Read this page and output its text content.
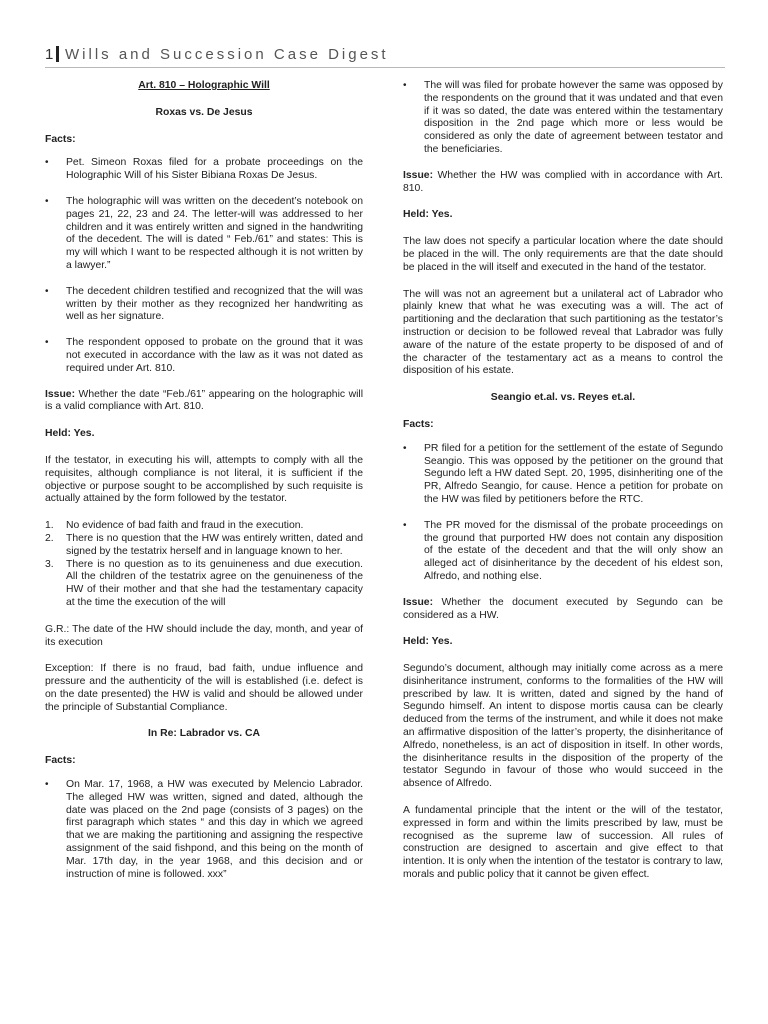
1 Wills and Succession Case Digest
Art. 810 – Holographic Will
Roxas vs. De Jesus
Facts:
• Pet. Simeon Roxas filed for a probate proceedings on the Holographic Will of his Sister Bibiana Roxas De Jesus.
• The holographic will was written on the decedent’s notebook on pages 21, 22, 23 and 24. The letter-will was addressed to her children and it was entirely written and signed in the handwriting of the decedent. The will is dated “ Feb./61” and states: This is my will which I want to be respected although it is not written by a lawyer.”
• The decedent children testified and recognized that the will was written by their mother as they recognized her handwriting as well as her signature.
• The respondent opposed to probate on the ground that it was not executed in accordance with the law as it was not dated as required under Art. 810.

Issue: Whether the date “Feb./61” appearing on the holographic will is a valid compliance with Art. 810.

Held: Yes.

If the testator, in executing his will, attempts to comply with all the requisites, although compliance is not literal, it is sufficient if the objective or purpose sought to be accomplished by such requisite is actually attained by the form followed by the testator.

1. No evidence of bad faith and fraud in the execution.
2. There is no question that the HW was entirely written, dated and signed by the testatrix herself and in language known to her.
3. There is no question as to its genuineness and due execution. All the children of the testatrix agree on the genuineness of the HW of their mother and that she had the testamentary capacity at the time the execution of the will

G.R.: The date of the HW should include the day, month, and year of its execution

Exception: If there is no fraud, bad faith, undue influence and pressure and the authenticity of the will is established (i.e. defect is on the date presented) the HW is valid and should be allowed under the principle of Substantial Compliance.

In Re: Labrador vs. CA
Facts:
• On Mar. 17, 1968, a HW was executed by Melencio Labrador. The alleged HW was written, signed and dated, although the date was placed on the 2nd page (consists of 3 pages) on the first paragraph which states “ and this day in which we agreed that we are making the partitioning and assigning the respective assignment of the said fishpond, and this being on the month of Mar. 17th day, in the year 1968, and this decision and or instruction of mine is followed. xxx”
• The will was filed for probate however the same was opposed by the respondents on the ground that it was undated and that even if it was so dated, the date was entered within the testamentary disposition in the 2nd page which more or less would be considered as only the date of agreement between testator and the beneficiaries.

Issue: Whether the HW was complied with in accordance with Art. 810.

Held: Yes.

The law does not specify a particular location where the date should be placed in the will. The only requirements are that the date should be placed in the will itself and executed in the hand of the testator.

The will was not an agreement but a unilateral act of Labrador who plainly knew that what he was executing was a will. The act of partitioning and the declaration that such partitioning as the testator’s instruction or decision to be followed reveal that Labrador was fully aware of the nature of the estate property to be disposed of and of the character of the testamentary act as a means to control the disposition of his estate.

Seangio et.al. vs. Reyes et.al.
Facts:
• PR filed for a petition for the settlement of the estate of Segundo Seangio. This was opposed by the petitioner on the ground that Segundo left a HW dated Sept. 20, 1995, disinheriting one of the PR, Alfredo Seangio, for cause. Hence a petition for probate on the HW was filed by petitioners before the RTC.
• The PR moved for the dismissal of the probate proceedings on the ground that purported HW does not contain any disposition of the estate of the decedent and that the will only show an alleged act of disinheritance by the decedent of his eldest son, Alfredo, and nothing else.

Issue: Whether the document executed by Segundo can be considered as a HW.

Held: Yes.

Segundo’s document, although may initially come across as a mere disinheritance instrument, conforms to the formalities of the HW will prescribed by law. It is written, dated and signed by the hand of Segundo himself. An intent to dispose mortis causa can be clearly deduced from the terms of the instrument, and while it does not make an affirmative disposition of the latter’s property, the disinheritance of Alfredo, nonetheless, is an act of disposition in itself. In other words, the disinheritance results in the disposition of the property of the testator Segundo in favour of those who would succeed in the absence of Alfredo.

A fundamental principle that the intent or the will of the testator, expressed in form and within the limits prescribed by law, must be recognised as the supreme law of succession. All rules of construction are designed to ascertain and give effect to that intention. It is only when the intention of the testator is contrary to law, morals and public policy that it cannot be given effect.
